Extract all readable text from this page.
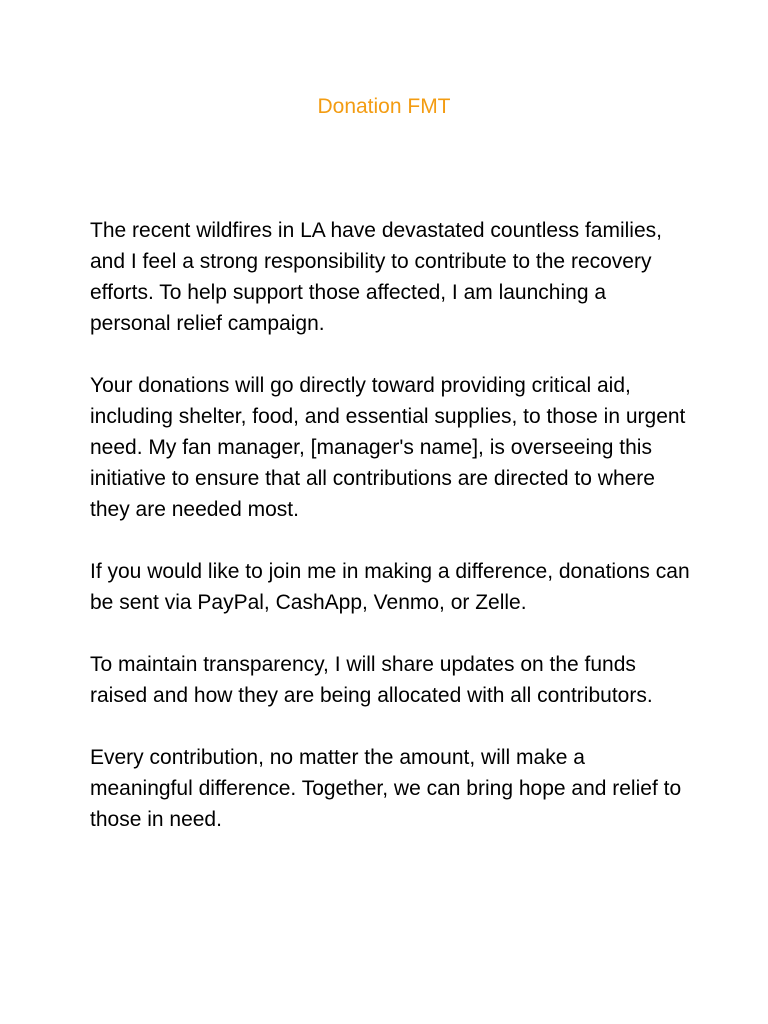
Donation FMT

The recent wildfires in LA have devastated countless families, and I feel a strong responsibility to contribute to the recovery efforts. To help support those affected, I am launching a personal relief campaign.

Your donations will go directly toward providing critical aid, including shelter, food, and essential supplies, to those in urgent need. My fan manager, [manager's name], is overseeing this initiative to ensure that all contributions are directed to where they are needed most.

If you would like to join me in making a difference, donations can be sent via PayPal, CashApp, Venmo, or Zelle.

To maintain transparency, I will share updates on the funds raised and how they are being allocated with all contributors.

Every contribution, no matter the amount, will make a meaningful difference. Together, we can bring hope and relief to those in need.
